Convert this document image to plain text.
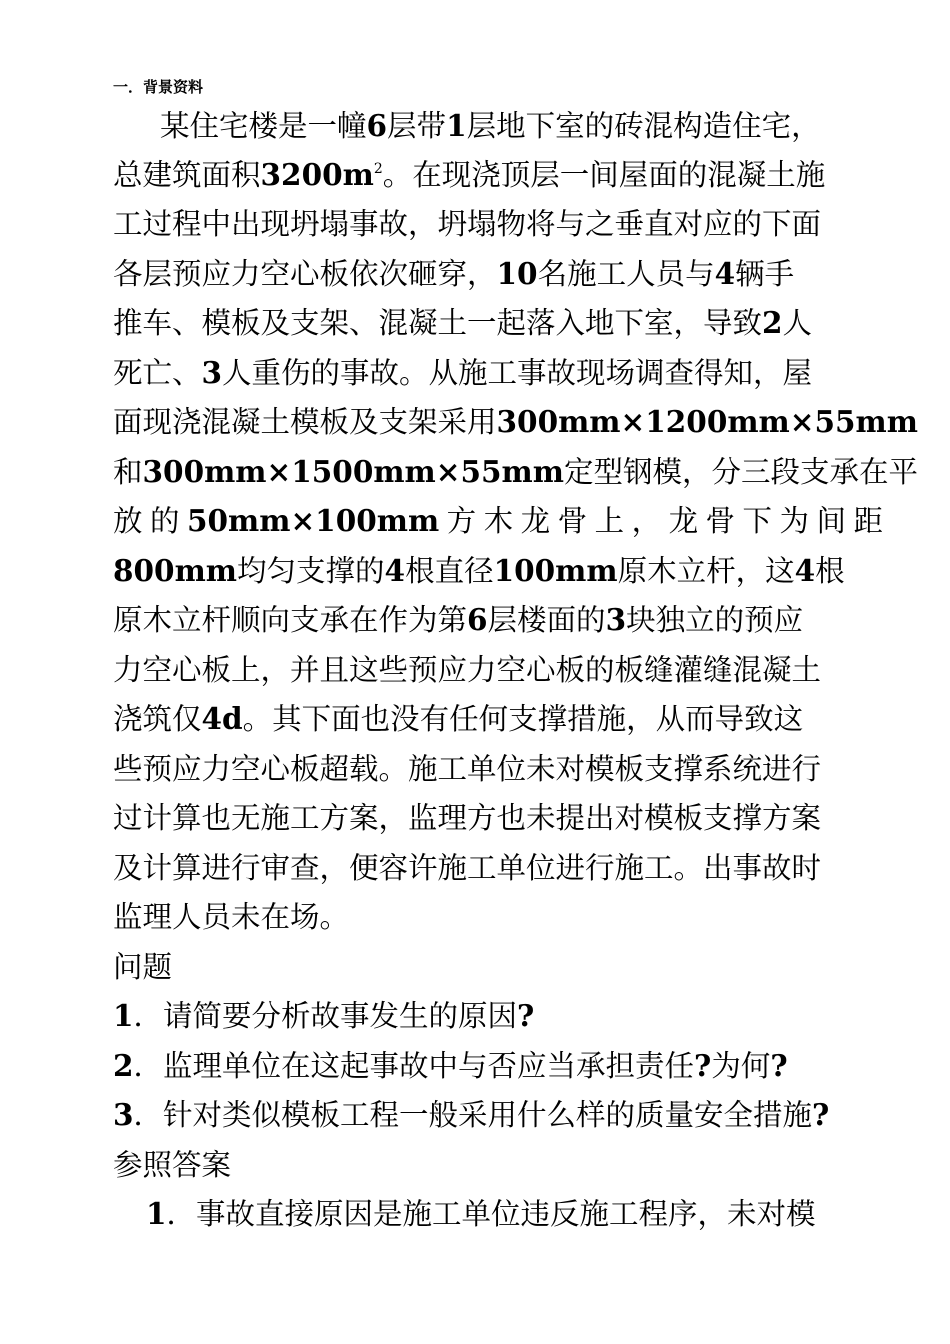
一．背景资料
某住宅楼是一幢6层带1层地下室的砖混构造住宅，
总建筑面积$3200m^2$。在现浇顶层一间屋面的混凝土施
工过程中出现坍塌事故，坍塌物将与之垂直对应的下面
各层预应力空心板依次砸穿，10名施工人员与4辆手
推车、模板及支架、混凝土一起落入地下室，导致2人
死亡、3人重伤的事故。从施工事故现场调查得知，屋
面现浇混凝土模板及支架采用300mm×1200mm×55mm
和300mm×1500mm×55mm定型钢模，分三段支承在平
放的50mm×100mm方木龙骨上，龙骨下为间距
800mm均匀支撑的4根直径100mm原木立杆，这4根
原木立杆顺向支承在作为第6层楼面的3块独立的预应
力空心板上，并且这些预应力空心板的板缝灌缝混凝土
浇筑仅4d。其下面也没有任何支撑措施，从而导致这
些预应力空心板超载。施工单位未对模板支撑系统进行
过计算也无施工方案，监理方也未提出对模板支撑方案
及计算进行审查，便容许施工单位进行施工。出事故时
监理人员未在场。
问题
1．请简要分析故事发生的原因?
2．监理单位在这起事故中与否应当承担责任?为何?
3．针对类似模板工程一般采用什么样的质量安全措施?
参照答案
1．事故直接原因是施工单位违反施工程序，未对模
